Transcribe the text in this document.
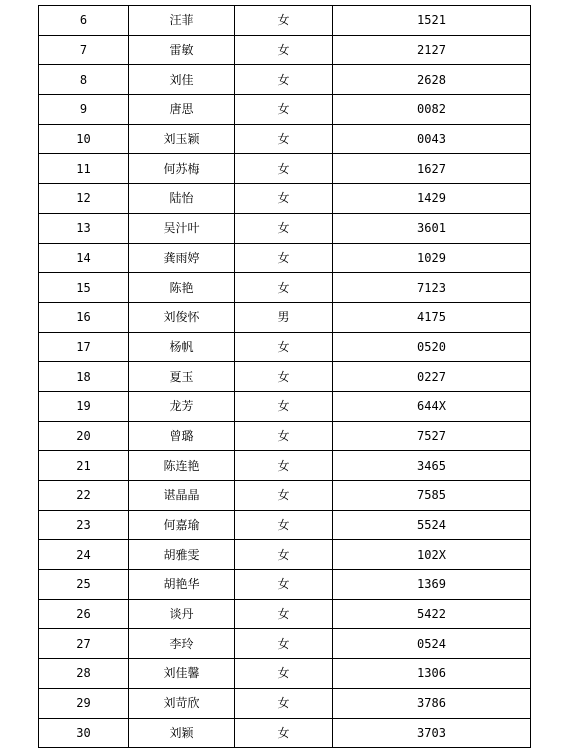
6	汪菲	女	1521
7	雷敏	女	2127
8	刘佳	女	2628
9	唐思	女	0082
10	刘玉颖	女	0043
11	何苏梅	女	1627
12	陆怡	女	1429
13	吴汁叶	女	3601
14	龚雨婷	女	1029
15	陈艳	女	7123
16	刘俊怀	男	4175
17	杨帆	女	0520
18	夏玉	女	0227
19	龙芳	女	644X
20	曾璐	女	7527
21	陈连艳	女	3465
22	谌晶晶	女	7585
23	何嘉瑜	女	5524
24	胡雅雯	女	102X
25	胡艳华	女	1369
26	谈丹	女	5422
27	李玲	女	0524
28	刘佳馨	女	1306
29	刘苛欣	女	3786
30	刘颖	女	3703
